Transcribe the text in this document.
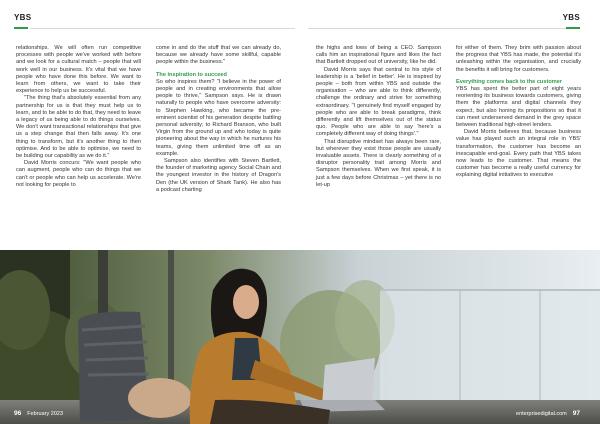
YBS	YBS

relationships. We will often run competitive processes with people we've worked with before and we look for a cultural match – people that will work well in our business. It's vital that we have people who have done this before. We want to learn from others, we want to take their experience to help us be successful.

"The thing that's absolutely essential from any partnership for us is that they must help us to learn, and to be able to do that, they need to leave a legacy of us being able to do things ourselves. We don't want transactional relationships that give us a step change that then falls away. It's one thing to transform, but it's another thing to then optimise. And to be able to optimise, we need to be building our capability as we do it."

David Morris concurs: "We want people who can augment, people who can do things that we can't or people who can help us accelerate. We're not looking for people to

come in and do the stuff that we can already do, because we already have some skillful, capable people within the business."

The inspiration to succeed

So who inspires them? "I believe in the power of people and in creating environments that allow people to thrive," Sampson says. He is drawn naturally to people who have overcome adversity: to Stephen Hawking, who became the pre-eminent scientist of his generation despite battling personal adversity; to Richard Branson, who built Virgin from the ground up and who today is quite pioneering about the way in which he nurtures his teams, giving them unlimited time off as an example.

Sampson also identifies with Steven Bartlett, the founder of marketing agency Social Chain and the youngest investor in the history of Dragon's Den (the UK version of Shark Tank). He also has a podcast charting

the highs and lows of being a CEO. Sampson calls him an inspirational figure and likes the fact that Bartlett dropped out of university, like he did.

David Morris says that central to his style of leadership is a 'belief in better'. He is inspired by people – both from within YBS and outside the organisation – who are able to think differently, challenge the ordinary and strive for something extraordinary. "I genuinely find myself engaged by people who are able to break paradigms, think differently and lift themselves out of the status quo. People who are able to say 'here's a completely different way of doing things'."

That disruptive mindset has always been rare, but wherever they exist those people are usually invaluable assets. There is clearly something of a disruptor personality trait among Morris and Sampson themselves. When we first speak, it is just a few days before Christmas – yet there is no let-up

for either of them. They brim with passion about the progress that YBS has made, the potential it's unleashing within the organisation, and crucially the benefits it will bring for customers.

Everything comes back to the customer

YBS has spent the better part of eight years reorienting its business towards customers, giving them the platforms and digital channels they expect, but also honing its propositions so that it can meet underserved demand in the grey space between traditional high-street lenders.

David Morris believes that, because business value has played such an integral role in YBS' transformation, the customer has become an inescapable end-goal. Every path that YBS takes now leads to the customer. That means the customer has become a really useful currency for explaining digital initiatives to executive

96 February 2023	enterprisedigital.com 97
